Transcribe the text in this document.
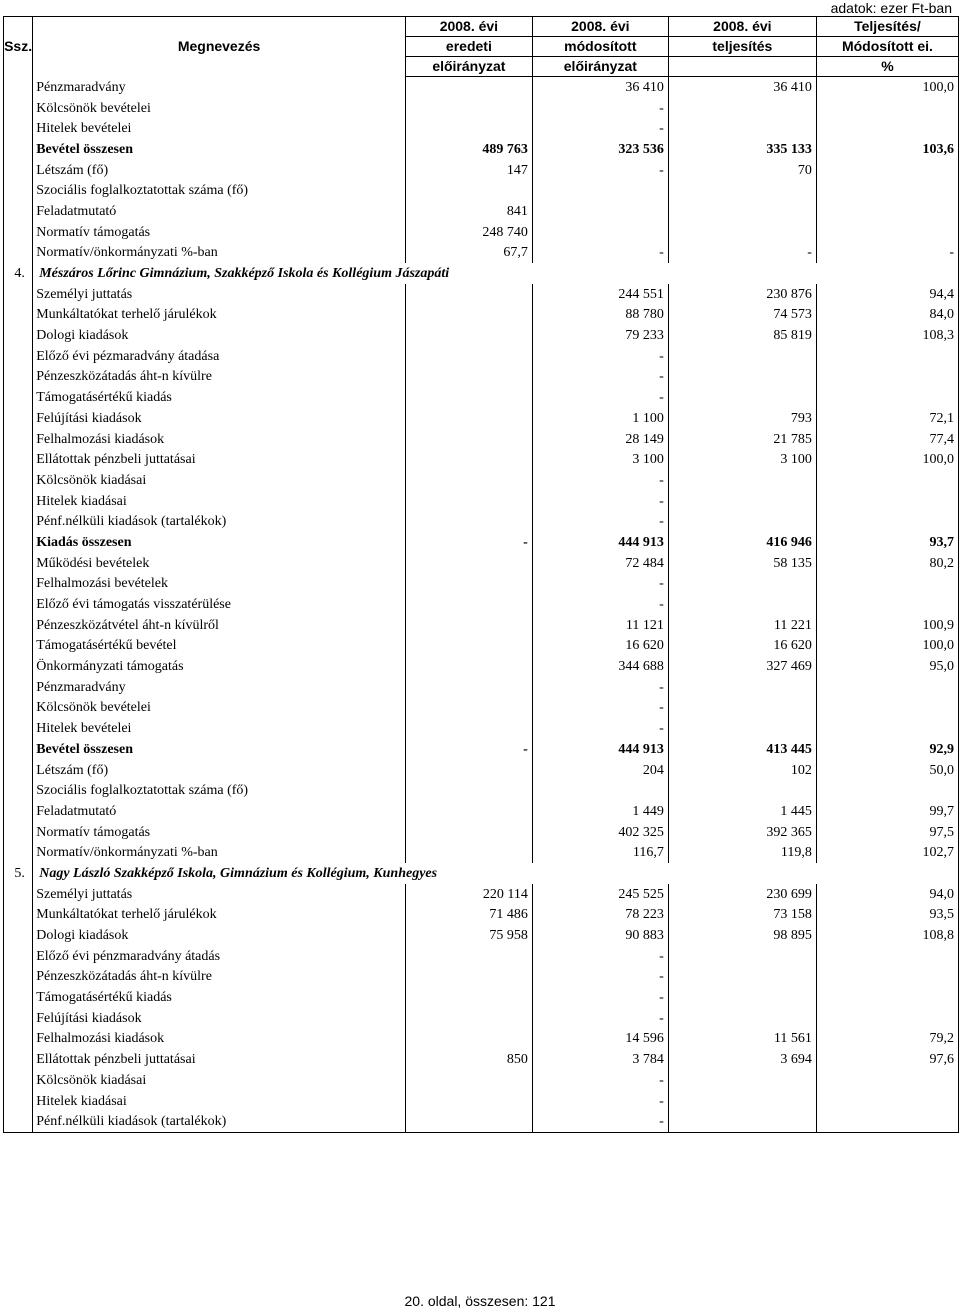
adatok: ezer Ft-ban
Ssz.	Megnevezés	2008. évi	2008. évi	2008. évi	Teljesítés/
		eredeti	módosított	teljesítés	Módosított ei.
		előirányzat	előirányzat		%
	Pénzmaradvány		36 410	36 410	100,0
	Kölcsönök bevételei		-		
	Hitelek bevételei		-		
	Bevétel összesen	489 763	323 536	335 133	103,6
	Létszám (fő)	147	-	70	
	Szociális foglalkoztatottak száma (fő)				
	Feladatmutató	841			
	Normatív támogatás	248 740			
	Normatív/önkormányzati %-ban	67,7	-	-	-
4.	Mészáros Lőrinc Gimnázium, Szakképző Iskola és Kollégium Jászapáti				
	Személyi juttatás		244 551	230 876	94,4
	Munkáltatókat terhelő járulékok		88 780	74 573	84,0
	Dologi kiadások		79 233	85 819	108,3
	Előző évi pézmaradvány átadása		-		
	Pénzeszközátadás áht-n kívülre		-		
	Támogatásértékű kiadás		-		
	Felújítási kiadások		1 100	793	72,1
	Felhalmozási kiadások		28 149	21 785	77,4
	Ellátottak pénzbeli juttatásai		3 100	3 100	100,0
	Kölcsönök kiadásai		-		
	Hitelek kiadásai		-		
	Pénf.nélküli kiadások (tartalékok)		-		
	Kiadás összesen	-	444 913	416 946	93,7
	Működési bevételek		72 484	58 135	80,2
	Felhalmozási bevételek		-		
	Előző évi támogatás visszatérülése		-		
	Pénzeszközátvétel áht-n kívülről		11 121	11 221	100,9
	Támogatásértékű bevétel		16 620	16 620	100,0
	Önkormányzati támogatás		344 688	327 469	95,0
	Pénzmaradvány		-		
	Kölcsönök bevételei		-		
	Hitelek bevételei		-		
	Bevétel összesen	-	444 913	413 445	92,9
	Létszám (fő)		204	102	50,0
	Szociális foglalkoztatottak száma (fő)				
	Feladatmutató		1 449	1 445	99,7
	Normatív támogatás		402 325	392 365	97,5
	Normatív/önkormányzati %-ban		116,7	119,8	102,7
5.	Nagy László Szakképző Iskola, Gimnázium és Kollégium, Kunhegyes				
	Személyi juttatás	220 114	245 525	230 699	94,0
	Munkáltatókat terhelő járulékok	71 486	78 223	73 158	93,5
	Dologi kiadások	75 958	90 883	98 895	108,8
	Előző évi pénzmaradvány átadás		-		
	Pénzeszközátadás áht-n kívülre		-		
	Támogatásértékű kiadás		-		
	Felújítási kiadások		-		
	Felhalmozási kiadások		14 596	11 561	79,2
	Ellátottak pénzbeli juttatásai	850	3 784	3 694	97,6
	Kölcsönök kiadásai		-		
	Hitelek kiadásai		-		
	Pénf.nélküli kiadások (tartalékok)		-		
20. oldal, összesen: 121
